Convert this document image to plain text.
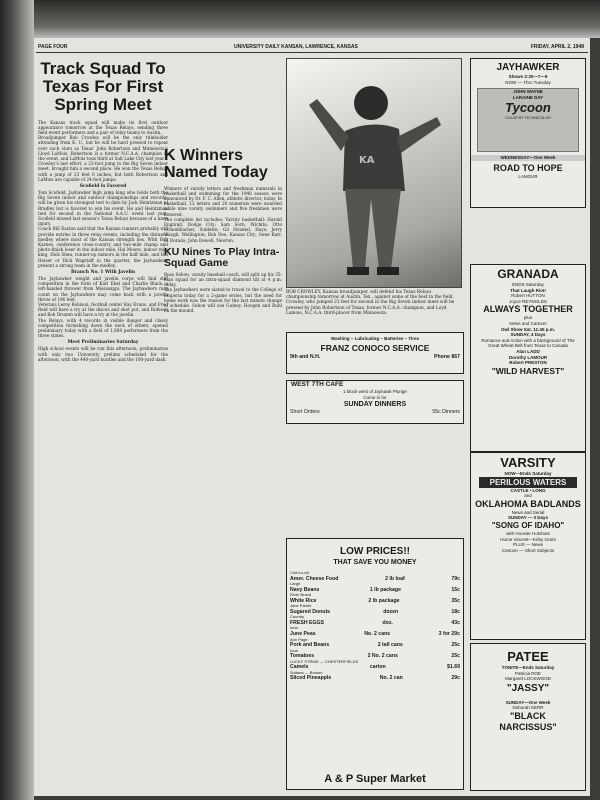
PAGE FOUR	UNIVERSITY DAILY KANSAN, LAWRENCE, KANSAS	FRIDAY, APRIL 2, 1948
Track Squad To Texas For First Spring Meet

The Kansas track squad will make its first outdoor appearance tomorrow at the Texas Relays, sending three field event performers and a pair of relay teams to Austin.

Broadjumper Bob Crowley will be the only titleholder attending from K. U., but he will be hard pressed to repeat over such stars as Texas' John Robertson and Minnesota's Lloyd LaMois. Robertson is a former N.C.A.A. champion in the event, and LaMois took third at Salt Lake City last year.

Crowley's last effort, a 23-foot jump in the Big Seven indoor meet, brought him a second place. He won the Texas Relays with a jump of 23 feet 6 inches, but both Robertson and LaMois are capable of 24-foot jumps.

Scofield Is Favored

Tom Scofield, Jayhawker high jump king who holds both the Big Seven indoor and outdoor championships and records, will be given his strongest test to date by Jack Heintzman of Bradley but is favored to win his event. He and Heintzman tied for second in the National A.A.U. event last year. Scofield missed last season's Texas Relays because of a knee injury.

Coach Bill Easton said that the Kansas runners probably will provide entries in three relay events, including the distance medley where most of the Kansas strength lies. With Bob Karnes, conference cross-country and two-mile champ and photo-finish loser in the indoor mile, Hal Moore, indoor mile king, Dick Sben, runner-up indoors in the half mile, and Bill Heiser or Dick Wagstaff in the quarter, the Jayhawkers present a strong team in the medley.

Branch No. 1 With Javelin

The Jayhawker weight and javelin corps will find stiff competition in the form of Karl Ebel and Charlie Black, a left-handed thrower from Mississippi. The Jayhawkers may count on the Jayhawkers may come back with a javelin throw of 196 feet.

Veterans Leroy Robison, football center Ray Evans, and Fred Reid will have a try at the discus and shot put, and Robison and Bob Drumm will have a try at the javelin.

The Relays, with 4 records in visible danger and classy competition furnishing down the neck of others, opened preliminary today with a field of 1,868 performers from the three states.

Meet Preliminaries Saturday

High school events will be run this afternoon, preliminaries with only two University prelims scheduled for the afternoon, with the 440-yard hurdles and the 100-yard dash.

K Winners Named Today

Winners of varsity letters and freshman numerals in basketball and swimming for the 1948 season were announced by Dr. F. C. Allen, athletic director, today. In basketball, 13 letters and 20 numerals were awarded while nine varsity swimmers and five freshmen were honored.

The complete list includes: Varsity basketball: Harold Englund, Dodge City; Sam Sorn, Wichita; Otto Schnellbacher, Sublette; Gil Stramel, Hays; Jerry Waugh, Wellington; Bob Dee, Kansas City; Gene Barr, El Dorado; John Dewell, Newton.

KU Nines To Play Intra-Squad Game

Russ Sehon, varsity baseball coach, will split up his 35-man squad for an intra-squad diamond tilt at 4 p.m. today.

The Jayhawkers were slated to travel to the College of Emporia today for a 2-game series, but the need for home work was the reason for the last minute change of schedule. Sehon will use Guiney, Hoogen and Ruhl on the mound.

KA

BOB CROWLEY, Kansas broadjumper, will defend his Texas Relays championship tomorrow at Austin, Tex., against some of the best in the field. Crowley, who jumped 23 feet for second in the Big Seven indoor meet will be pressed by John Robertson of Texas, former N.C.A.A. champion, and Loyd Lamois, N.C.A.A. third-placer from Minnesota.

Washing – Lubricating – Batteries – Tires
FRANZ CONOCO SERVICE
9th and N.H.	Phone 867
WEST 7TH CAFE
1 block west of Jayhawk Plunge
Come in for
SUNDAY DINNERS
Short Orders	55c Dinners
LOW PRICES!!
THAT SAVE YOU MONEY
Ched-o-bit
Amer. Cheese Food	2 lb loaf	79c
Large
Navy Beans	1 lb package	15c
River Brand
White Rice	2 lb package	35c
Jane Parker
Sugared Donuts	dozen	18c
Country
FRESH EGGS	doz.	43c
Iona
June Peas	No. 2 cans	3 for 29c
Ann Page
Pork and Beans	2 tall cans	25c
Iona
Tomatoes	2 No. 2 cans	25c
LUCKY STRIKE — CHESTERFIELDS
Camels	carton	$1.69
Sultana — Broken
Sliced Pineapple	No. 2 can	29c
A & P Super Market
JAYHAWKER
Shows 2:30—7—9
NOW — Thru Tuesday
JOHN WAYNE
LARAINE DAY
Tycoon
COLOR BY TECHNICOLOR
WEDNESDAY—One Week
ROAD TO HOPE
LAMOUR
GRANADA
ENDS Saturday
That Laugh Riot!
Robert HUTTON
Joyce REYNOLDS
ALWAYS TOGETHER
plus
News and Cartoon
Owl Show Sat. 11:45 p.m.
SUNDAY, 4 Days
Romance and Action with a background of The Great Wheat Belt from Texas to Canada
Alan LADD
Dorothy LAMOUR
Robert PRESTON
"WILD HARVEST"
VARSITY
NOW—Ends Saturday
PERILOUS WATERS
CASTLE • LONG
and
OKLAHOMA BADLANDS
News and Serial
SUNDAY — 3 Days
"SONG OF IDAHO"
with Hoosier Hotshots
Hume Vincent—Kirby Grant
PLUS — News
Cartoon — Short Subjects
PATEE
TONITE—Ends Saturday
Patricia ROE
Margaret LOCKWOOD
"JASSY"
SUNDAY—One Week
Deborah KERR
"BLACK NARCISSUS"
